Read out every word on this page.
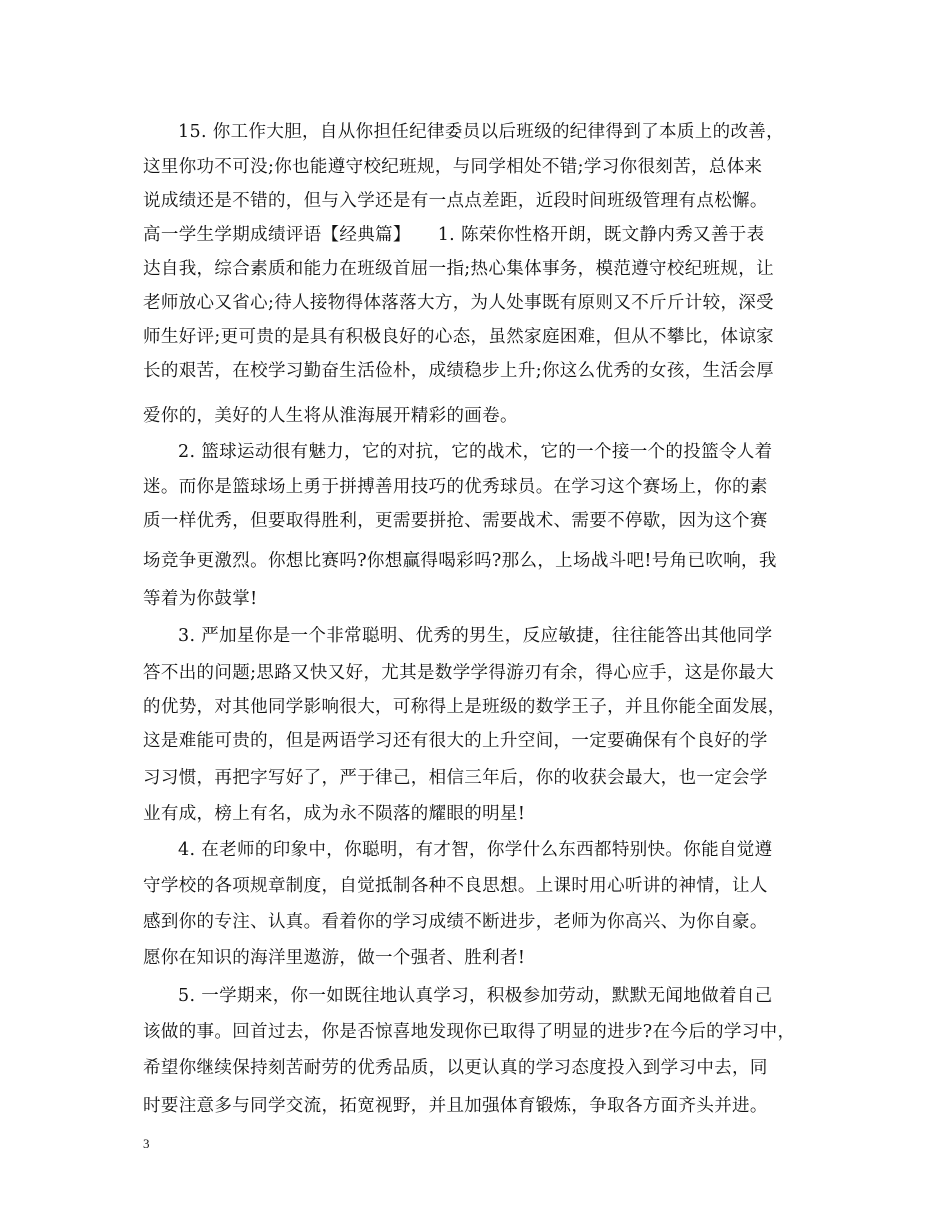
15. 你工作大胆，自从你担任纪律委员以后班级的纪律得到了本质上的改善，
这里你功不可没;你也能遵守校纪班规，与同学相处不错;学习你很刻苦，总体来
说成绩还是不错的，但与入学还是有一点点差距，近段时间班级管理有点松懈。
高一学生学期成绩评语【经典篇】　　1. 陈荣你性格开朗，既文静内秀又善于表
达自我，综合素质和能力在班级首屈一指;热心集体事务，模范遵守校纪班规，让
老师放心又省心;待人接物得体落落大方，为人处事既有原则又不斤斤计较，深受
师生好评;更可贵的是具有积极良好的心态，虽然家庭困难，但从不攀比，体谅家
长的艰苦，在校学习勤奋生活俭朴，成绩稳步上升;你这么优秀的女孩，生活会厚
爱你的，美好的人生将从淮海展开精彩的画卷。
2. 篮球运动很有魅力，它的对抗，它的战术，它的一个接一个的投篮令人着
迷。而你是篮球场上勇于拼搏善用技巧的优秀球员。在学习这个赛场上，你的素
质一样优秀，但要取得胜利，更需要拼抢、需要战术、需要不停歇，因为这个赛
场竞争更激烈。你想比赛吗?你想赢得喝彩吗?那么，上场战斗吧!号角已吹响，我
等着为你鼓掌!
3. 严加星你是一个非常聪明、优秀的男生，反应敏捷，往往能答出其他同学
答不出的问题;思路又快又好，尤其是数学学得游刃有余，得心应手，这是你最大
的优势，对其他同学影响很大，可称得上是班级的数学王子，并且你能全面发展，
这是难能可贵的，但是两语学习还有很大的上升空间，一定要确保有个良好的学
习习惯，再把字写好了，严于律己，相信三年后，你的收获会最大，也一定会学
业有成，榜上有名，成为永不陨落的耀眼的明星!
4. 在老师的印象中，你聪明，有才智，你学什么东西都特别快。你能自觉遵
守学校的各项规章制度，自觉抵制各种不良思想。上课时用心听讲的神情，让人
感到你的专注、认真。看着你的学习成绩不断进步，老师为你高兴、为你自豪。
愿你在知识的海洋里遨游，做一个强者、胜利者!
5. 一学期来，你一如既往地认真学习，积极参加劳动，默默无闻地做着自己
该做的事。回首过去，你是否惊喜地发现你已取得了明显的进步?在今后的学习中，
希望你继续保持刻苦耐劳的优秀品质，以更认真的学习态度投入到学习中去，同
时要注意多与同学交流，拓宽视野，并且加强体育锻炼，争取各方面齐头并进。
3
